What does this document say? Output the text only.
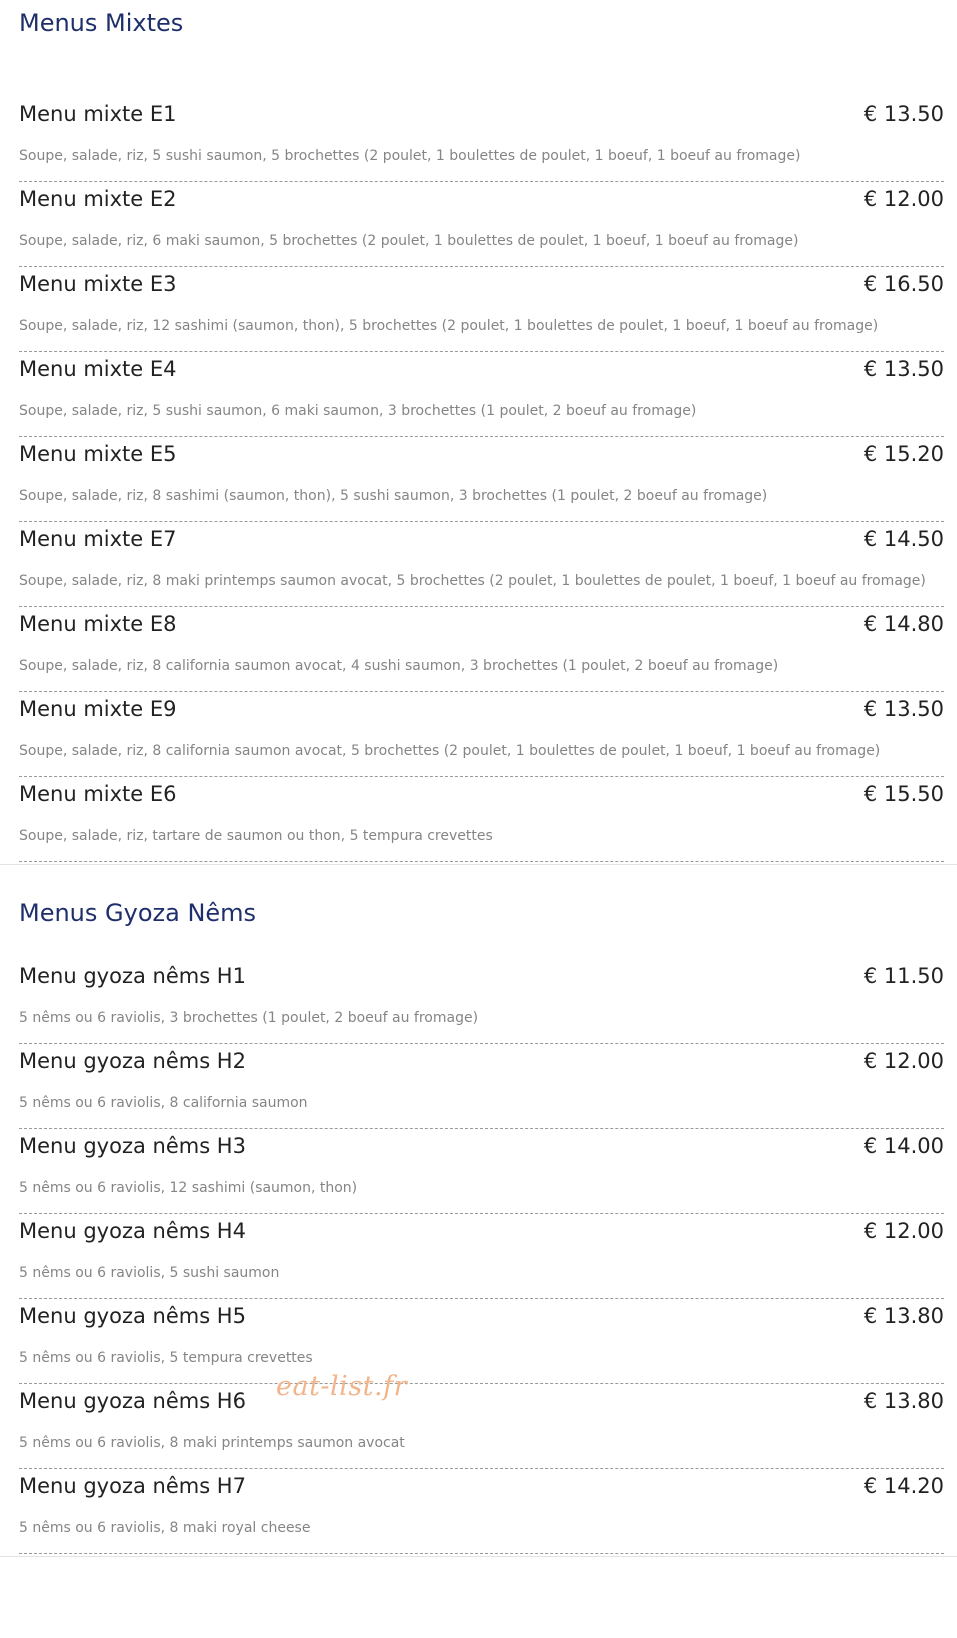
Menus Mixtes
Menu mixte E1	€ 13.50
Soupe, salade, riz, 5 sushi saumon, 5 brochettes (2 poulet, 1 boulettes de poulet, 1 boeuf, 1 boeuf au fromage)
Menu mixte E2	€ 12.00
Soupe, salade, riz, 6 maki saumon, 5 brochettes (2 poulet, 1 boulettes de poulet, 1 boeuf, 1 boeuf au fromage)
Menu mixte E3	€ 16.50
Soupe, salade, riz, 12 sashimi (saumon, thon), 5 brochettes (2 poulet, 1 boulettes de poulet, 1 boeuf, 1 boeuf au fromage)
Menu mixte E4	€ 13.50
Soupe, salade, riz, 5 sushi saumon, 6 maki saumon, 3 brochettes (1 poulet, 2 boeuf au fromage)
Menu mixte E5	€ 15.20
Soupe, salade, riz, 8 sashimi (saumon, thon), 5 sushi saumon, 3 brochettes (1 poulet, 2 boeuf au fromage)
Menu mixte E7	€ 14.50
Soupe, salade, riz, 8 maki printemps saumon avocat, 5 brochettes (2 poulet, 1 boulettes de poulet, 1 boeuf, 1 boeuf au fromage)
Menu mixte E8	€ 14.80
Soupe, salade, riz, 8 california saumon avocat, 4 sushi saumon, 3 brochettes (1 poulet, 2 boeuf au fromage)
Menu mixte E9	€ 13.50
Soupe, salade, riz, 8 california saumon avocat, 5 brochettes (2 poulet, 1 boulettes de poulet, 1 boeuf, 1 boeuf au fromage)
Menu mixte E6	€ 15.50
Soupe, salade, riz, tartare de saumon ou thon, 5 tempura crevettes
Menus Gyoza Nêms
Menu gyoza nêms H1	€ 11.50
5 nêms ou 6 raviolis, 3 brochettes (1 poulet, 2 boeuf au fromage)
Menu gyoza nêms H2	€ 12.00
5 nêms ou 6 raviolis, 8 california saumon
Menu gyoza nêms H3	€ 14.00
5 nêms ou 6 raviolis, 12 sashimi (saumon, thon)
Menu gyoza nêms H4	€ 12.00
5 nêms ou 6 raviolis, 5 sushi saumon
Menu gyoza nêms H5	€ 13.80
5 nêms ou 6 raviolis, 5 tempura crevettes
Menu gyoza nêms H6	€ 13.80
5 nêms ou 6 raviolis, 8 maki printemps saumon avocat
Menu gyoza nêms H7	€ 14.20
5 nêms ou 6 raviolis, 8 maki royal cheese
eat-list.fr
